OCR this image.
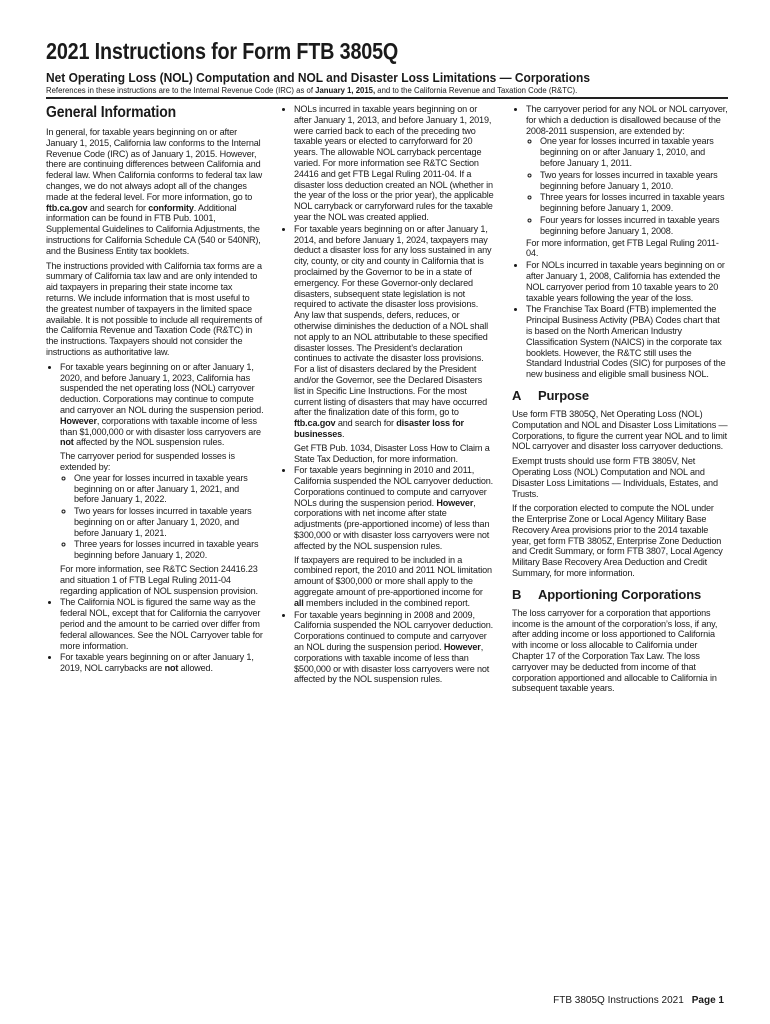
2021 Instructions for Form FTB 3805Q
Net Operating Loss (NOL) Computation and NOL and Disaster Loss Limitations — Corporations

References in these instructions are to the Internal Revenue Code (IRC) as of January 1, 2015, and to the California Revenue and Taxation Code (R&TC).

General Information

In general, for taxable years beginning on or after January 1, 2015, California law conforms to the Internal Revenue Code (IRC) as of January 1, 2015. However, there are continuing differences between California and federal law. When California conforms to federal tax law changes, we do not always adopt all of the changes made at the federal level. For more information, go to ftb.ca.gov and search for conformity. Additional information can be found in FTB Pub. 1001, Supplemental Guidelines to California Adjustments, the instructions for California Schedule CA (540 or 540NR), and the Business Entity tax booklets.

The instructions provided with California tax forms are a summary of California tax law and are only intended to aid taxpayers in preparing their state income tax returns. We include information that is most useful to the greatest number of taxpayers in the limited space available. It is not possible to include all requirements of the California Revenue and Taxation Code (R&TC) in the instructions. Taxpayers should not consider the instructions as authoritative law.

• For taxable years beginning on or after January 1, 2020, and before January 1, 2023, California has suspended the net operating loss (NOL) carryover deduction. Corporations may continue to compute and carryover an NOL during the suspension period. However, corporations with taxable income of less than $1,000,000 or with disaster loss carryovers are not affected by the NOL suspension rules.

The carryover period for suspended losses is extended by:

◦ One year for losses incurred in taxable years beginning on or after January 1, 2021, and before January 1, 2022.
◦ Two years for losses incurred in taxable years beginning on or after January 1, 2020, and before January 1, 2021.
◦ Three years for losses incurred in taxable years beginning before January 1, 2020.

For more information, see R&TC Section 24416.23 and situation 1 of FTB Legal Ruling 2011-04 regarding application of NOL suspension provision.

• The California NOL is figured the same way as the federal NOL, except that for California the carryover period and the amount to be carried over differ from federal allowances. See the NOL Carryover table for more information.
• For taxable years beginning on or after January 1, 2019, NOL carrybacks are not allowed.
• NOLs incurred in taxable years beginning on or after January 1, 2013, and before January 1, 2019, were carried back to each of the preceding two taxable years or elected to carryforward for 20 years. The allowable NOL carryback percentage varied. For more information see R&TC Section 24416 and get FTB Legal Ruling 2011-04. If a disaster loss deduction created an NOL (whether in the year of the loss or the prior year), the applicable NOL carryback or carryforward rules for the taxable year the NOL was created applied.
• For taxable years beginning on or after January 1, 2014, and before January 1, 2024, taxpayers may deduct a disaster loss for any loss sustained in any city, county, or city and county in California that is proclaimed by the Governor to be in a state of emergency. For these Governor-only declared disasters, subsequent state legislation is not required to activate the disaster loss provisions. Any law that suspends, defers, reduces, or otherwise diminishes the deduction of a NOL shall not apply to an NOL attributable to these specified disaster losses. The President’s declaration continues to activate the disaster loss provisions. For a list of disasters declared by the President and/or the Governor, see the Declared Disasters list in Specific Line Instructions. For the most current listing of disasters that may have occurred after the finalization date of this form, go to ftb.ca.gov and search for disaster loss for businesses.

Get FTB Pub. 1034, Disaster Loss How to Claim a State Tax Deduction, for more information.

• For taxable years beginning in 2010 and 2011, California suspended the NOL carryover deduction. Corporations continued to compute and carryover NOLs during the suspension period. However, corporations with net income after state adjustments (pre-apportioned income) of less than $300,000 or with disaster loss carryovers were not affected by the NOL suspension rules.

If taxpayers are required to be included in a combined report, the 2010 and 2011 NOL limitation amount of $300,000 or more shall apply to the aggregate amount of pre-apportioned income for all members included in the combined report.

• For taxable years beginning in 2008 and 2009, California suspended the NOL carryover deduction. Corporations continued to compute and carryover an NOL during the suspension period. However, corporations with taxable income of less than $500,000 or with disaster loss carryovers were not affected by the NOL suspension rules.
• The carryover period for any NOL or NOL carryover, for which a deduction is disallowed because of the 2008-2011 suspension, are extended by:
◦ One year for losses incurred in taxable years beginning on or after January 1, 2010, and before January 1, 2011.
◦ Two years for losses incurred in taxable years beginning before January 1, 2010.
◦ Three years for losses incurred in taxable years beginning before January 1, 2009.
◦ Four years for losses incurred in taxable years beginning before January 1, 2008.

For more information, get FTB Legal Ruling 2011-04.

• For NOLs incurred in taxable years beginning on or after January 1, 2008, California has extended the NOL carryover period from 10 taxable years to 20 taxable years following the year of the loss.
• The Franchise Tax Board (FTB) implemented the Principal Business Activity (PBA) Codes chart that is based on the North American Industry Classification System (NAICS) in the corporate tax booklets. However, the R&TC still uses the Standard Industrial Codes (SIC) for purposes of the new business and eligible small business NOL.
A Purpose

Use form FTB 3805Q, Net Operating Loss (NOL) Computation and NOL and Disaster Loss Limitations — Corporations, to figure the current year NOL and to limit NOL carryover and disaster loss carryover deductions.

Exempt trusts should use form FTB 3805V, Net Operating Loss (NOL) Computation and NOL and Disaster Loss Limitations — Individuals, Estates, and Trusts.

If the corporation elected to compute the NOL under the Enterprise Zone or Local Agency Military Base Recovery Area provisions prior to the 2014 taxable year, get form FTB 3805Z, Enterprise Zone Deduction and Credit Summary, or form FTB 3807, Local Agency Military Base Recovery Area Deduction and Credit Summary, for more information.

B Apportioning Corporations

The loss carryover for a corporation that apportions income is the amount of the corporation’s loss, if any, after adding income or loss apportioned to California with income or loss allocable to California under Chapter 17 of the Corporation Tax Law. The loss carryover may be deducted from income of that corporation apportioned and allocable to California in subsequent taxable years.

FTB 3805Q Instructions 2021 Page 1
